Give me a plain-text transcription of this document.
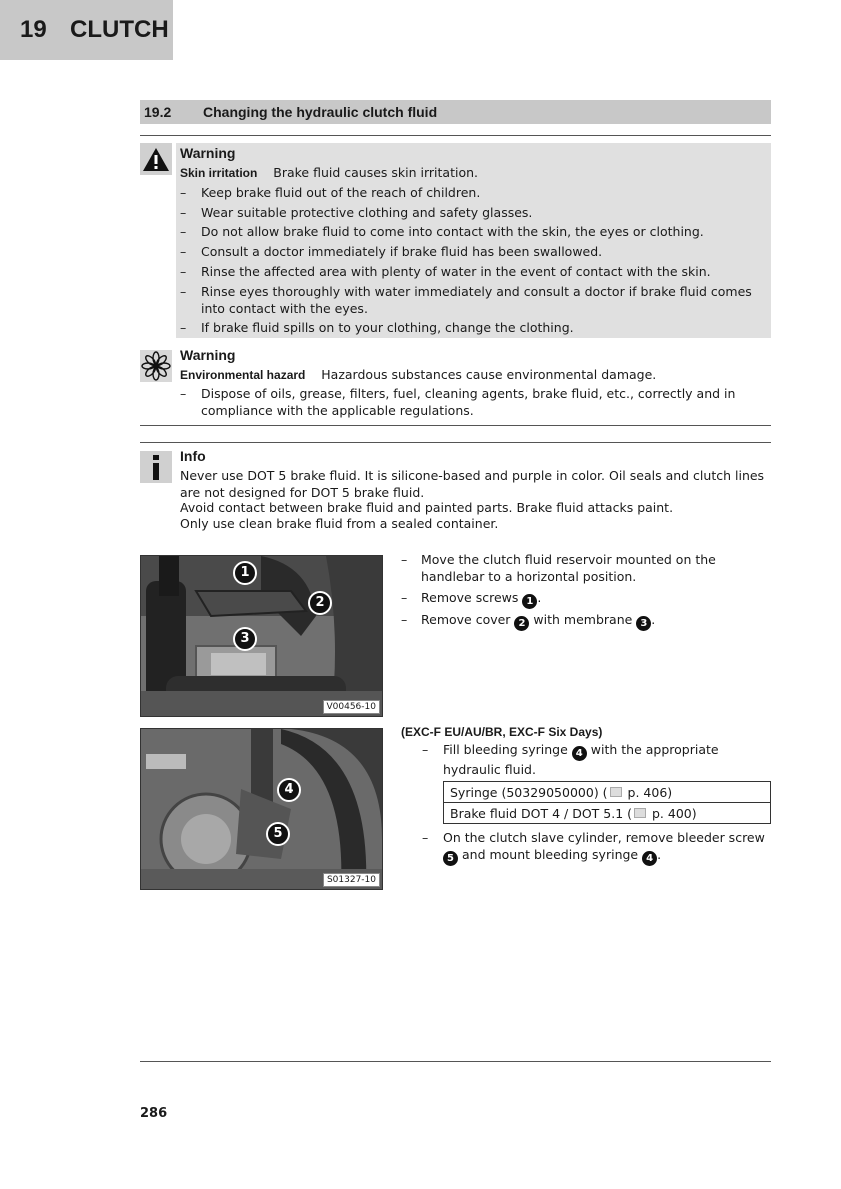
19 CLUTCH
19.2 Changing the hydraulic clutch fluid
Warning
Skin irritation Brake fluid causes skin irritation.
– Keep brake fluid out of the reach of children.
– Wear suitable protective clothing and safety glasses.
– Do not allow brake fluid to come into contact with the skin, the eyes or clothing.
– Consult a doctor immediately if brake fluid has been swallowed.
– Rinse the affected area with plenty of water in the event of contact with the skin.
– Rinse eyes thoroughly with water immediately and consult a doctor if brake fluid comes into contact with the eyes.
– If brake fluid spills on to your clothing, change the clothing.
Warning
Environmental hazard Hazardous substances cause environmental damage.
– Dispose of oils, grease, filters, fuel, cleaning agents, brake fluid, etc., correctly and in compliance with the applicable regulations.
Info
Never use DOT 5 brake fluid. It is silicone-based and purple in color. Oil seals and clutch lines are not designed for DOT 5 brake fluid.
Avoid contact between brake fluid and painted parts. Brake fluid attacks paint.
Only use clean brake fluid from a sealed container.
1
2
3
V00456-10
– Move the clutch fluid reservoir mounted on the handlebar to a horizontal position.
– Remove screws 1 .
– Remove cover 2 with membrane 3 .
4
5
S01327-10
(EXC-F EU/AU/BR, EXC-F Six Days)
– Fill bleeding syringe 4 with the appropriate hydraulic fluid.
Syringe (50329050000) ( p. 406)
Brake fluid DOT 4 / DOT 5.1 ( p. 400)
– On the clutch slave cylinder, remove bleeder screw 5 and mount bleeding syringe 4 .
286
